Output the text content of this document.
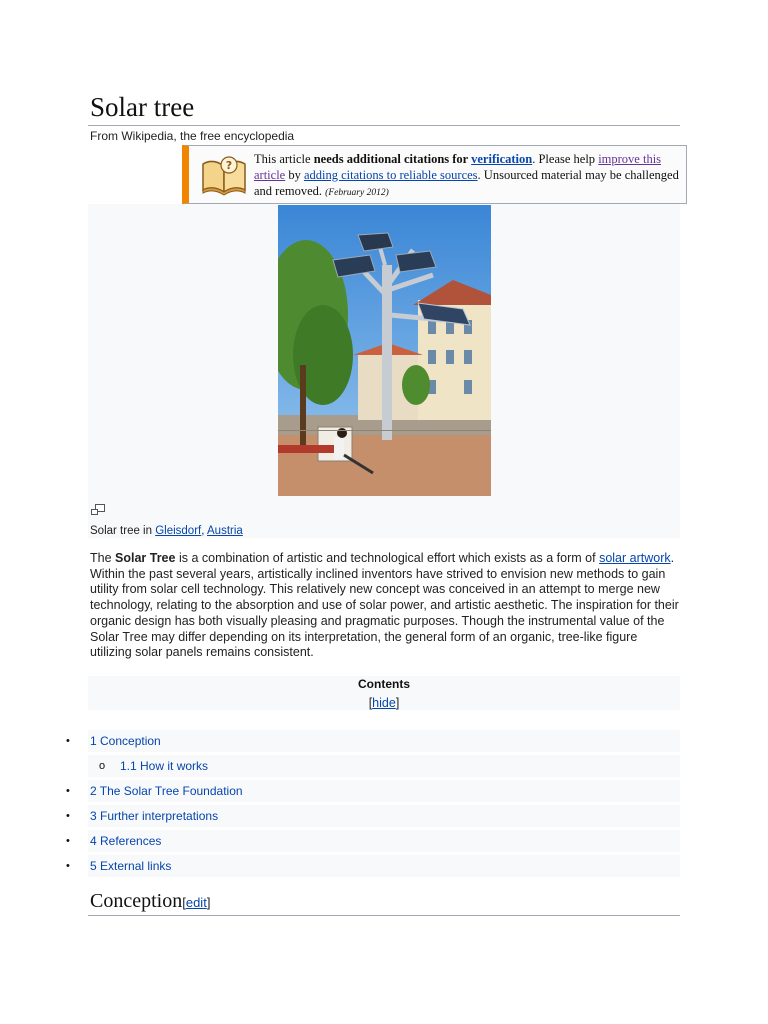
Solar tree
From Wikipedia, the free encyclopedia
? This article needs additional citations for verification. Please help improve this article by adding citations to reliable sources. Unsourced material may be challenged and removed. (February 2012)
Solar tree in Gleisdorf, Austria

The Solar Tree is a combination of artistic and technological effort which exists as a form of solar artwork. Within the past several years, artistically inclined inventors have strived to envision new methods to gain utility from solar cell technology. This relatively new concept was conceived in an attempt to merge new technology, relating to the absorption and use of solar power, and artistic aesthetic. The inspiration for their organic design has both visually pleasing and pragmatic purposes. Though the instrumental value of the Solar Tree may differ depending on its interpretation, the general form of an organic, tree-like figure utilizing solar panels remains consistent.

Contents
[hide]
• 1 Conception
o 1.1 How it works
• 2 The Solar Tree Foundation
• 3 Further interpretations
• 4 References
• 5 External links
Conception[edit]
